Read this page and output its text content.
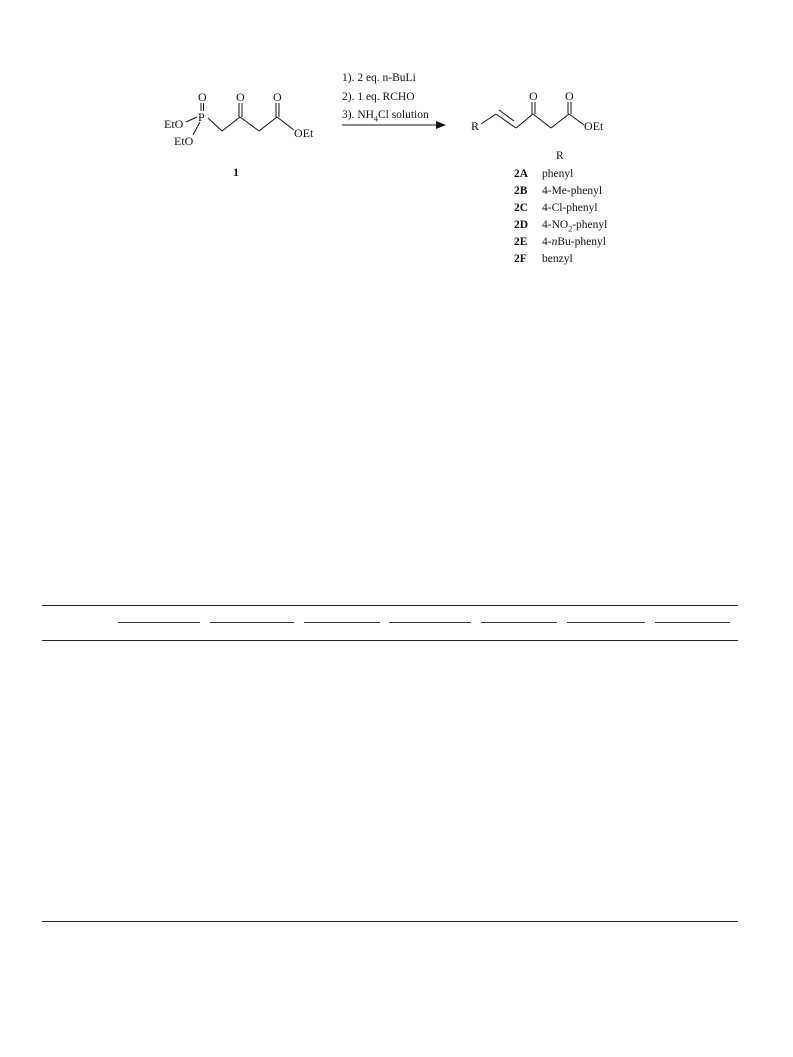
O O O
P
EtO
EtO
OEt
1
1). 2 eq. n-BuLi
2). 1 eq. RCHO
3). $NH_4Cl$ solution
O O
R	OEt
R
2A phenyl
2B 4-Me-phenyl
2C 4-Cl-phenyl
2D $4-NO_2$-phenyl
2E 4-nBu-phenyl
2F benzyl
